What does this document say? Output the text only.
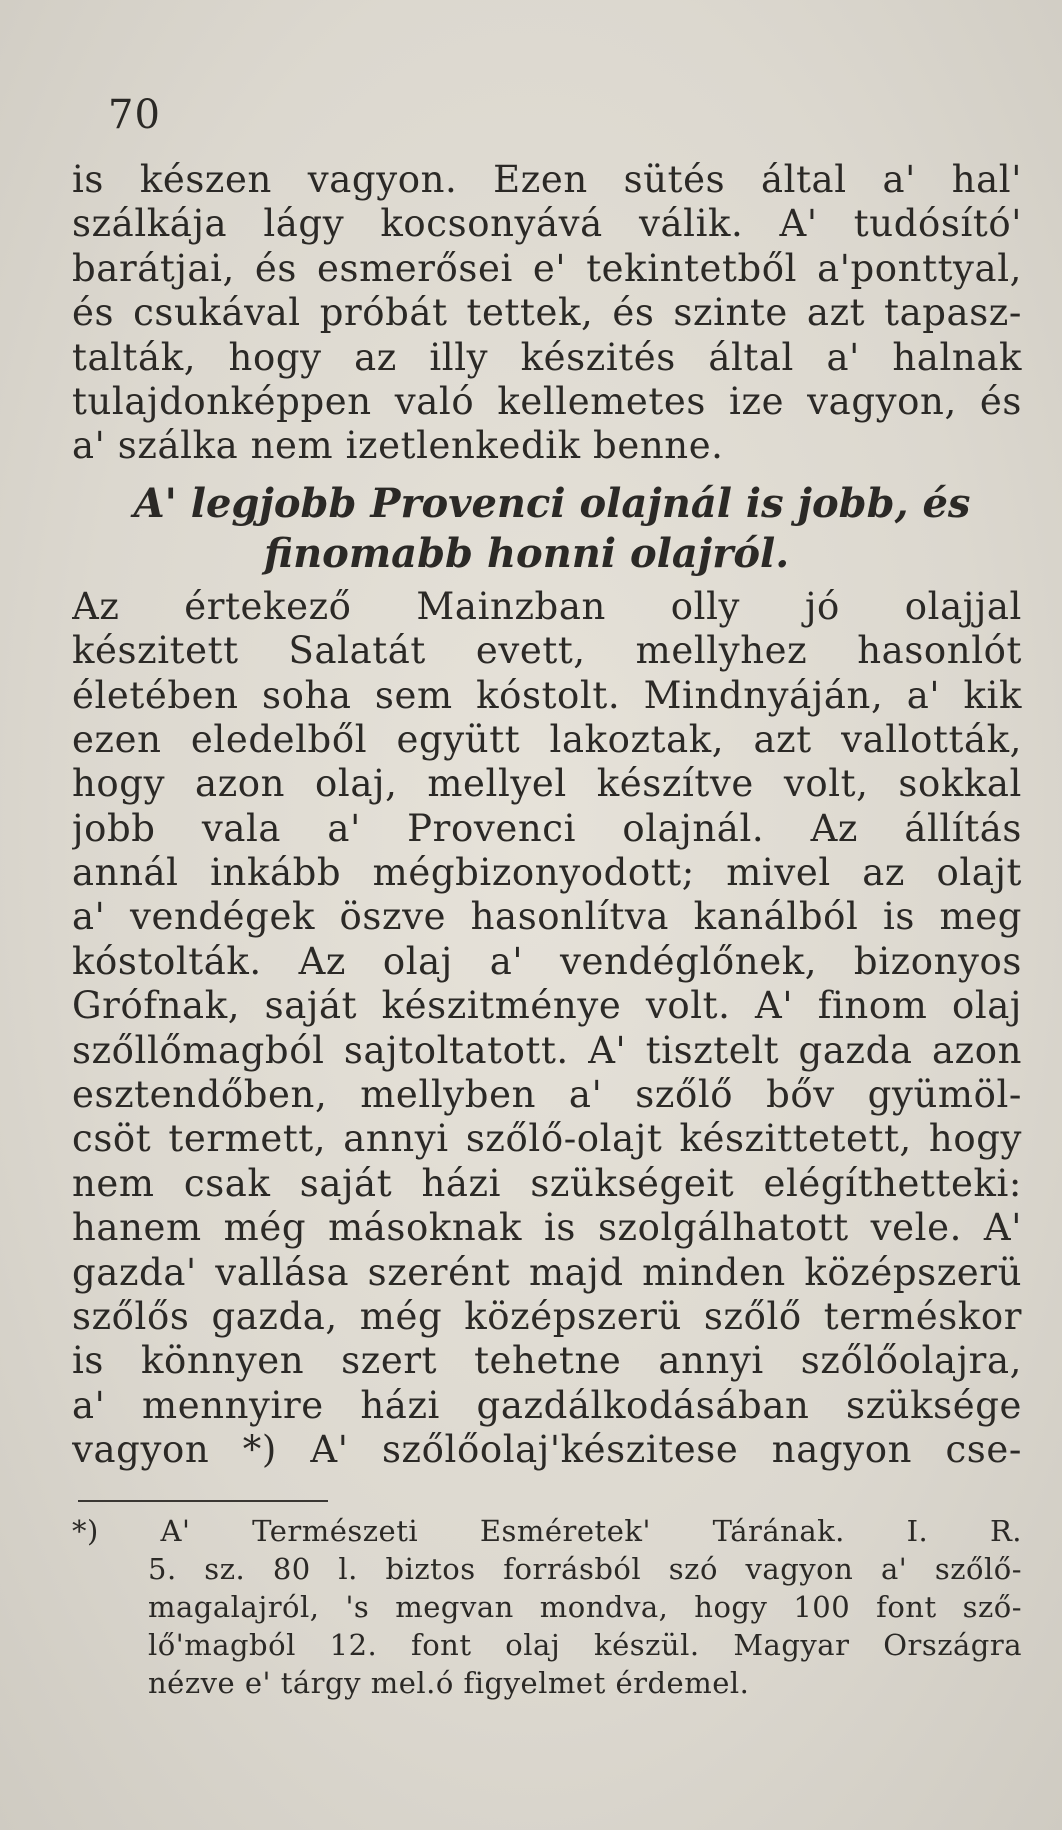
70
is készen vagyon. Ezen sütés által a' hal'
szálkája lágy kocsonyává válik. A' tudósító'
barátjai, és esmerősei e' tekintetből a'ponttyal,
és csukával próbát tettek, és szinte azt tapasz-
talták, hogy az illy készités által a' halnak
tulajdonképpen való kellemetes ize vagyon, és
a' szálka nem izetlenkedik benne.
A' legjobb Provenci olajnál is jobb, és
finomabb honni olajról.
Az értekező Mainzban olly jó olajjal
készitett Salatát evett, mellyhez hasonlót
életében soha sem kóstolt. Mindnyáján, a' kik
ezen eledelből együtt lakoztak, azt vallották,
hogy azon olaj, mellyel készítve volt, sokkal
jobb vala a' Provenci olajnál. Az állítás
annál inkább mégbizonyodott; mivel az olajt
a' vendégek öszve hasonlítva kanálból is meg
kóstolták. Az olaj a' vendéglőnek, bizonyos
Grófnak, saját készitménye volt. A' finom olaj
szőllőmagból sajtoltatott. A' tisztelt gazda azon
esztendőben, mellyben a' szőlő bőv gyümöl-
csöt termett, annyi szőlő-olajt készittetett, hogy
nem csak saját házi szükségeit elégíthetteki:
hanem még másoknak is szolgálhatott vele. A'
gazda' vallása szerént majd minden középszerü
szőlős gazda, még középszerü szőlő terméskor
is könnyen szert tehetne annyi szőlőolajra,
a' mennyire házi gazdálkodásában szüksége
vagyon *) A' szőlőolaj'készitese nagyon cse-
*) A' Természeti Esméretek' Tárának. I. R.
5. sz. 80 l. biztos forrásból szó vagyon a' szőlő-
magalajról, 's megvan mondva, hogy 100 font sző-
lő'magból 12. font olaj készül. Magyar Országra
nézve e' tárgy mel.ó figyelmet érdemel.
